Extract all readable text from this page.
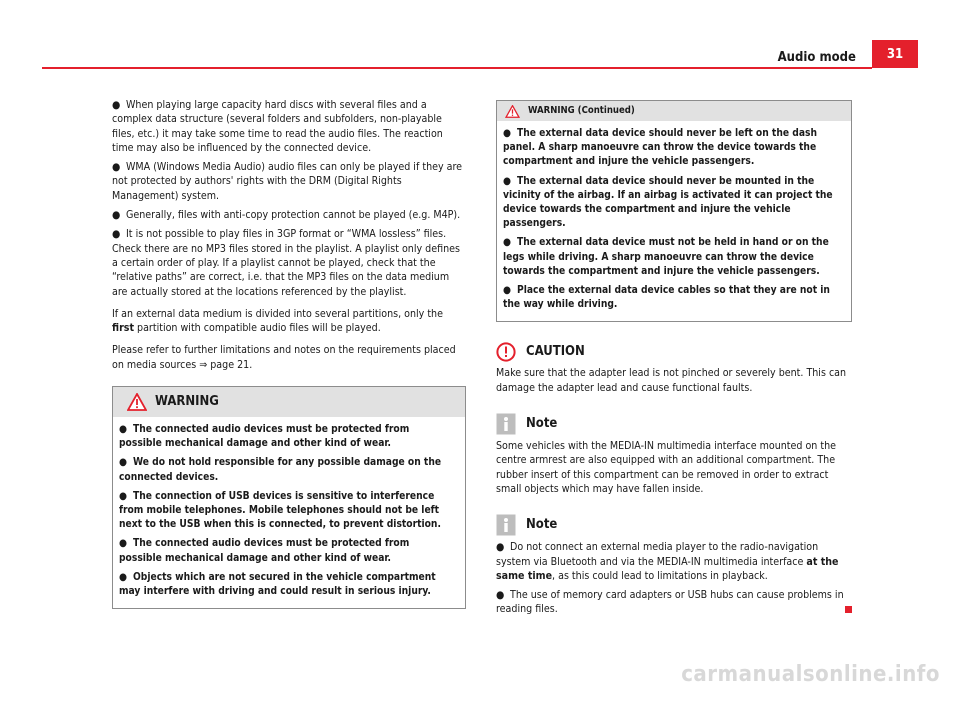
Audio mode	31
● When playing large capacity hard discs with several files and a complex data structure (several folders and subfolders, non-playable files, etc.) it may take some time to read the audio files. The reaction time may also be influenced by the connected device.
● WMA (Windows Media Audio) audio files can only be played if they are not protected by authors' rights with the DRM (Digital Rights Management) system.
● Generally, files with anti-copy protection cannot be played (e.g. M4P).
● It is not possible to play files in 3GP format or “WMA lossless” files. Check there are no MP3 files stored in the playlist. A playlist only defines a certain order of play. If a playlist cannot be played, check that the “relative paths” are correct, i.e. that the MP3 files on the data medium are actually stored at the locations referenced by the playlist.

If an external data medium is divided into several partitions, only the first partition with compatible audio files will be played.

Please refer to further limitations and notes on the requirements placed on media sources ⇒ page 21.

WARNING
● The connected audio devices must be protected from possible mechanical damage and other kind of wear.
● We do not hold responsible for any possible damage on the connected devices.
● The connection of USB devices is sensitive to interference from mobile telephones. Mobile telephones should not be left next to the USB when this is connected, to prevent distortion.
● The connected audio devices must be protected from possible mechanical damage and other kind of wear.
● Objects which are not secured in the vehicle compartment may interfere with driving and could result in serious injury.
WARNING (Continued)
● The external data device should never be left on the dash panel. A sharp manoeuvre can throw the device towards the compartment and injure the vehicle passengers.
● The external data device should never be mounted in the vicinity of the airbag. If an airbag is activated it can project the device towards the compartment and injure the vehicle passengers.
● The external data device must not be held in hand or on the legs while driving. A sharp manoeuvre can throw the device towards the compartment and injure the vehicle passengers.
● Place the external data device cables so that they are not in the way while driving.
CAUTION

Make sure that the adapter lead is not pinched or severely bent. This can damage the adapter lead and cause functional faults.

Note

Some vehicles with the MEDIA-IN multimedia interface mounted on the centre armrest are also equipped with an additional compartment. The rubber insert of this compartment can be removed in order to extract small objects which may have fallen inside.

Note
● Do not connect an external media player to the radio-navigation system via Bluetooth and via the MEDIA-IN multimedia interface at the same time, as this could lead to limitations in playback.
● The use of memory card adapters or USB hubs can cause problems in reading files.
carmanualsonline.info
